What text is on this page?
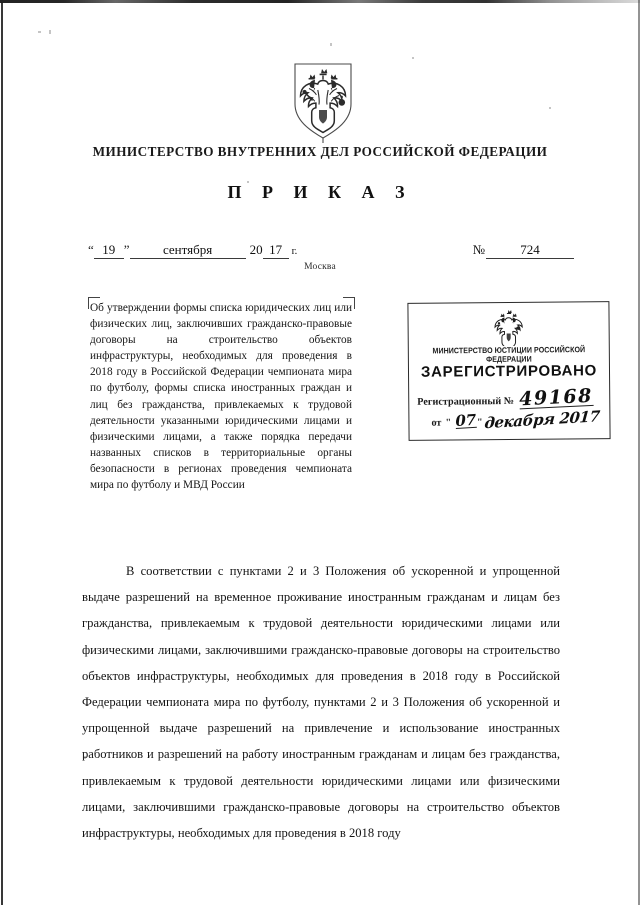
МИНИСТЕРСТВО ВНУТРЕННИХ ДЕЛ РОССИЙСКОЙ ФЕДЕРАЦИИ
П Р И К А З
“ 19 ”	сентября	20 17 г.	№	724
Москва

Об утверждении формы списка юридических лиц или физических лиц, заключивших гражданско-правовые договоры на строительство объектов инфраструктуры, необходимых для проведения в 2018 году в Российской Федерации чемпионата мира по футболу, формы списка иностранных граждан и лиц без гражданства, привлекаемых к трудовой деятельности указанными юридическими лицами и физическими лицами, а также порядка передачи названных списков в территориальные органы безопасности в регионах проведения чемпионата мира по футболу и МВД России

МИНИСТЕРСТВО ЮСТИЦИИ РОССИЙСКОЙ ФЕДЕРАЦИИ
ЗАРЕГИСТРИРОВАНО
Регистрационный № 49168
от " 07 " декабря 2017

В соответствии с пунктами 2 и 3 Положения об ускоренной и упрощенной выдаче разрешений на временное проживание иностранным гражданам и лицам без гражданства, привлекаемым к трудовой деятельности юридическими лицами или физическими лицами, заключившими гражданско-правовые договоры на строительство объектов инфраструктуры, необходимых для проведения в 2018 году в Российской Федерации чемпионата мира по футболу, пунктами 2 и 3 Положения об ускоренной и упрощенной выдаче разрешений на привлечение и использование иностранных работников и разрешений на работу иностранным гражданам и лицам без гражданства, привлекаемым к трудовой деятельности юридическими лицами или физическими лицами, заключившими гражданско-правовые договоры на строительство объектов инфраструктуры, необходимых для проведения в 2018 году
